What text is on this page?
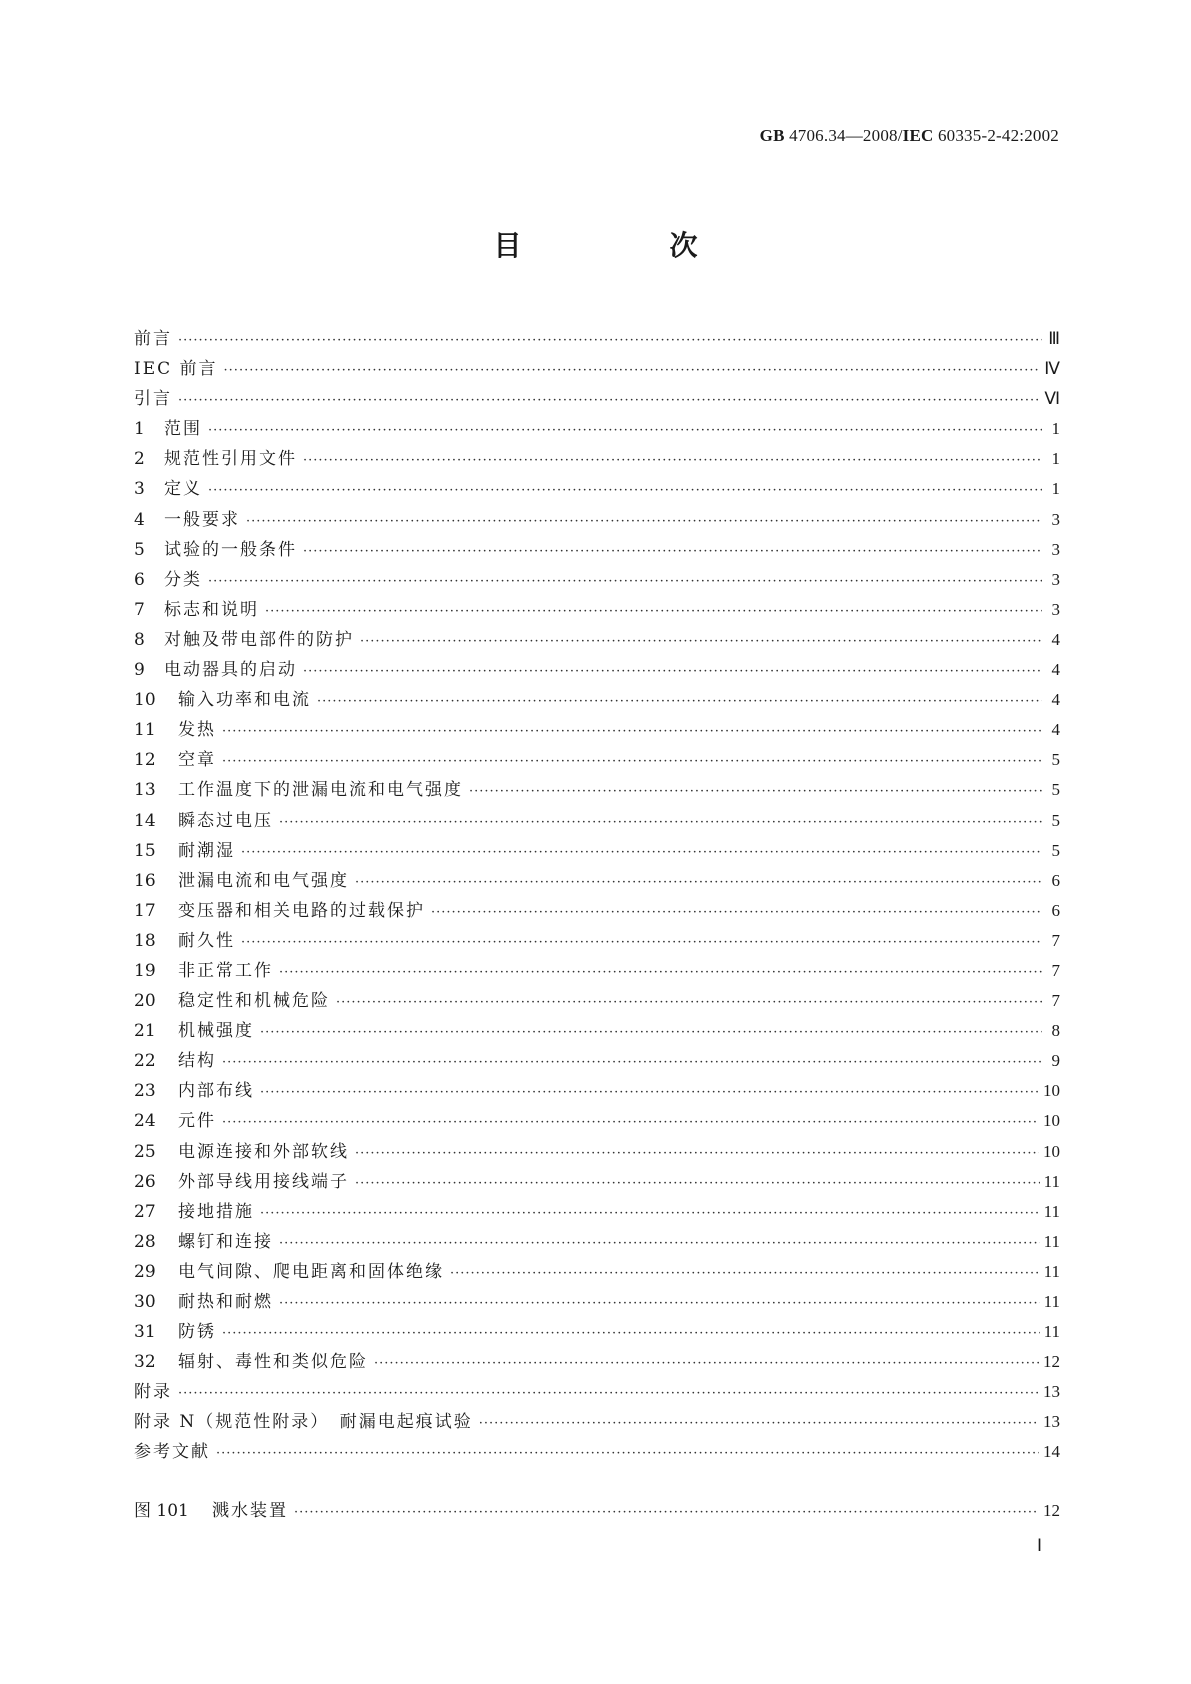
GB 4706.34—2008/IEC 60335-2-42:2002
目　次
前言 ·····	Ⅲ
IEC 前言 ·····	Ⅳ
引言 ·····	Ⅵ
1	范围 ·····	1
2	规范性引用文件 ·····	1
3	定义 ·····	1
4	一般要求 ·····	3
5	试验的一般条件 ·····	3
6	分类 ·····	3
7	标志和说明 ·····	3
8	对触及带电部件的防护 ·····	4
9	电动器具的启动 ·····	4
10	输入功率和电流 ·····	4
11	发热 ·····	4
12	空章 ·····	5
13	工作温度下的泄漏电流和电气强度 ·····	5
14	瞬态过电压 ·····	5
15	耐潮湿 ·····	5
16	泄漏电流和电气强度 ·····	6
17	变压器和相关电路的过载保护 ·····	6
18	耐久性 ·····	7
19	非正常工作 ·····	7
20	稳定性和机械危险 ·····	7
21	机械强度 ·····	8
22	结构 ·····	9
23	内部布线 ·····	10
24	元件 ·····	10
25	电源连接和外部软线 ·····	10
26	外部导线用接线端子 ·····	11
27	接地措施 ·····	11
28	螺钉和连接 ·····	11
29	电气间隙、爬电距离和固体绝缘 ·····	11
30	耐热和耐燃 ·····	11
31	防锈 ·····	11
32	辐射、毒性和类似危险 ·····	12
附录 ·····	13
附录 N（规范性附录）　耐漏电起痕试验 ·····	13
参考文献 ·····	14
图 101	溅水装置 ·····	12
Ⅰ
